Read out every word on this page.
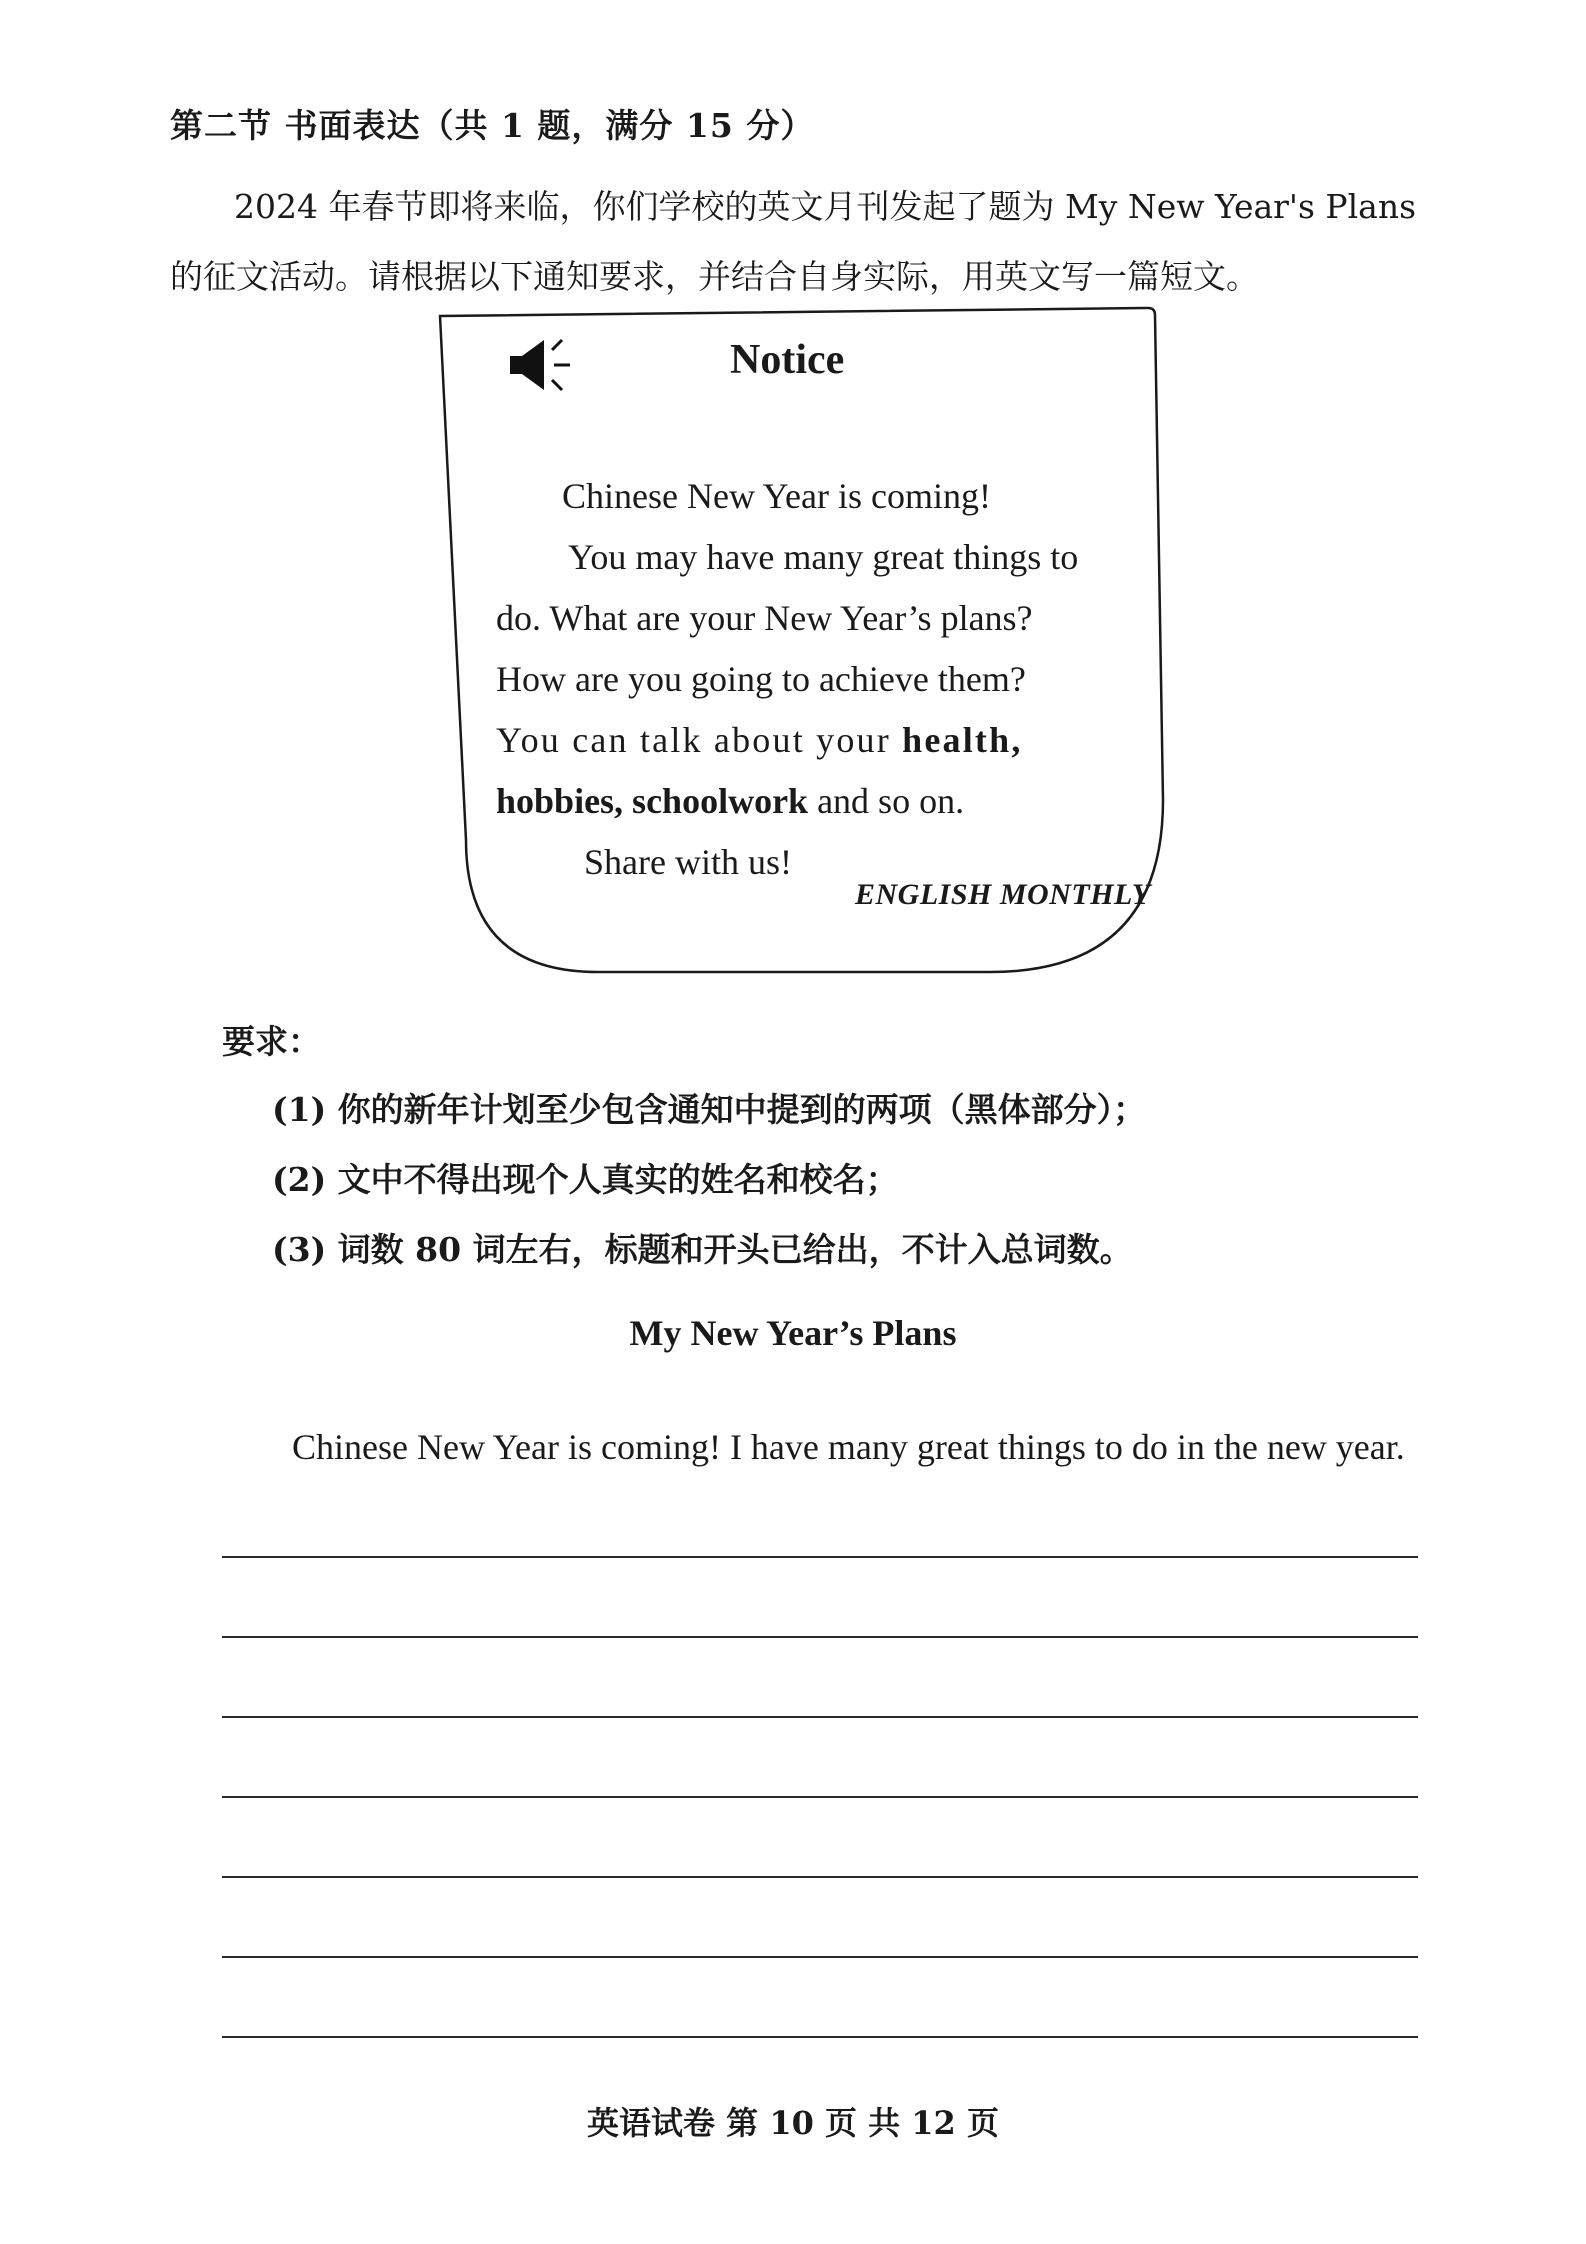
第二节 书面表达（共 1 题，满分 15 分）

2024 年春节即将来临，你们学校的英文月刊发起了题为 My New Year's Plans

的征文活动。请根据以下通知要求，并结合自身实际，用英文写一篇短文。

Notice
Chinese New Year is coming!
You may have many great things to
do. What are your New Year’s plans?
How are you going to achieve them?
You can talk about your health,
hobbies, schoolwork and so on.
Share with us!
ENGLISH MONTHLY
要求：
(1) 你的新年计划至少包含通知中提到的两项（黑体部分）；
(2) 文中不得出现个人真实的姓名和校名；
(3) 词数 80 词左右，标题和开头已给出，不计入总词数。
My New Year’s Plans
Chinese New Year is coming! I have many great things to do in the new year.
英语试卷 第 10 页 共 12 页
